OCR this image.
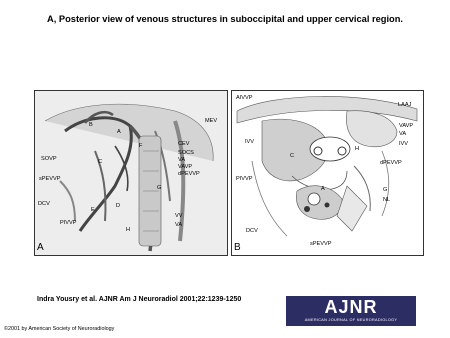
A, Posterior view of venous structures in suboccipital and upper cervical region.
MEV
B
A
CEV
SOCS
VA
VAVP
dPEVVP
SOVP
sPEVVP
C
F
D
DCV
E
G
VV
VA
PIVVP
H
A
AIVVP
LAAJ
VAVP
VA
IVV	IVV
C
H
dPEVVP
PIVVP
A	G
NL
DCV
sPEVVP
B
Indra Yousry et al. AJNR Am J Neuroradiol 2001;22:1239-1250	AJNR
AMERICAN JOURNAL OF NEURORADIOLOGY
©2001 by American Society of Neuroradiology
